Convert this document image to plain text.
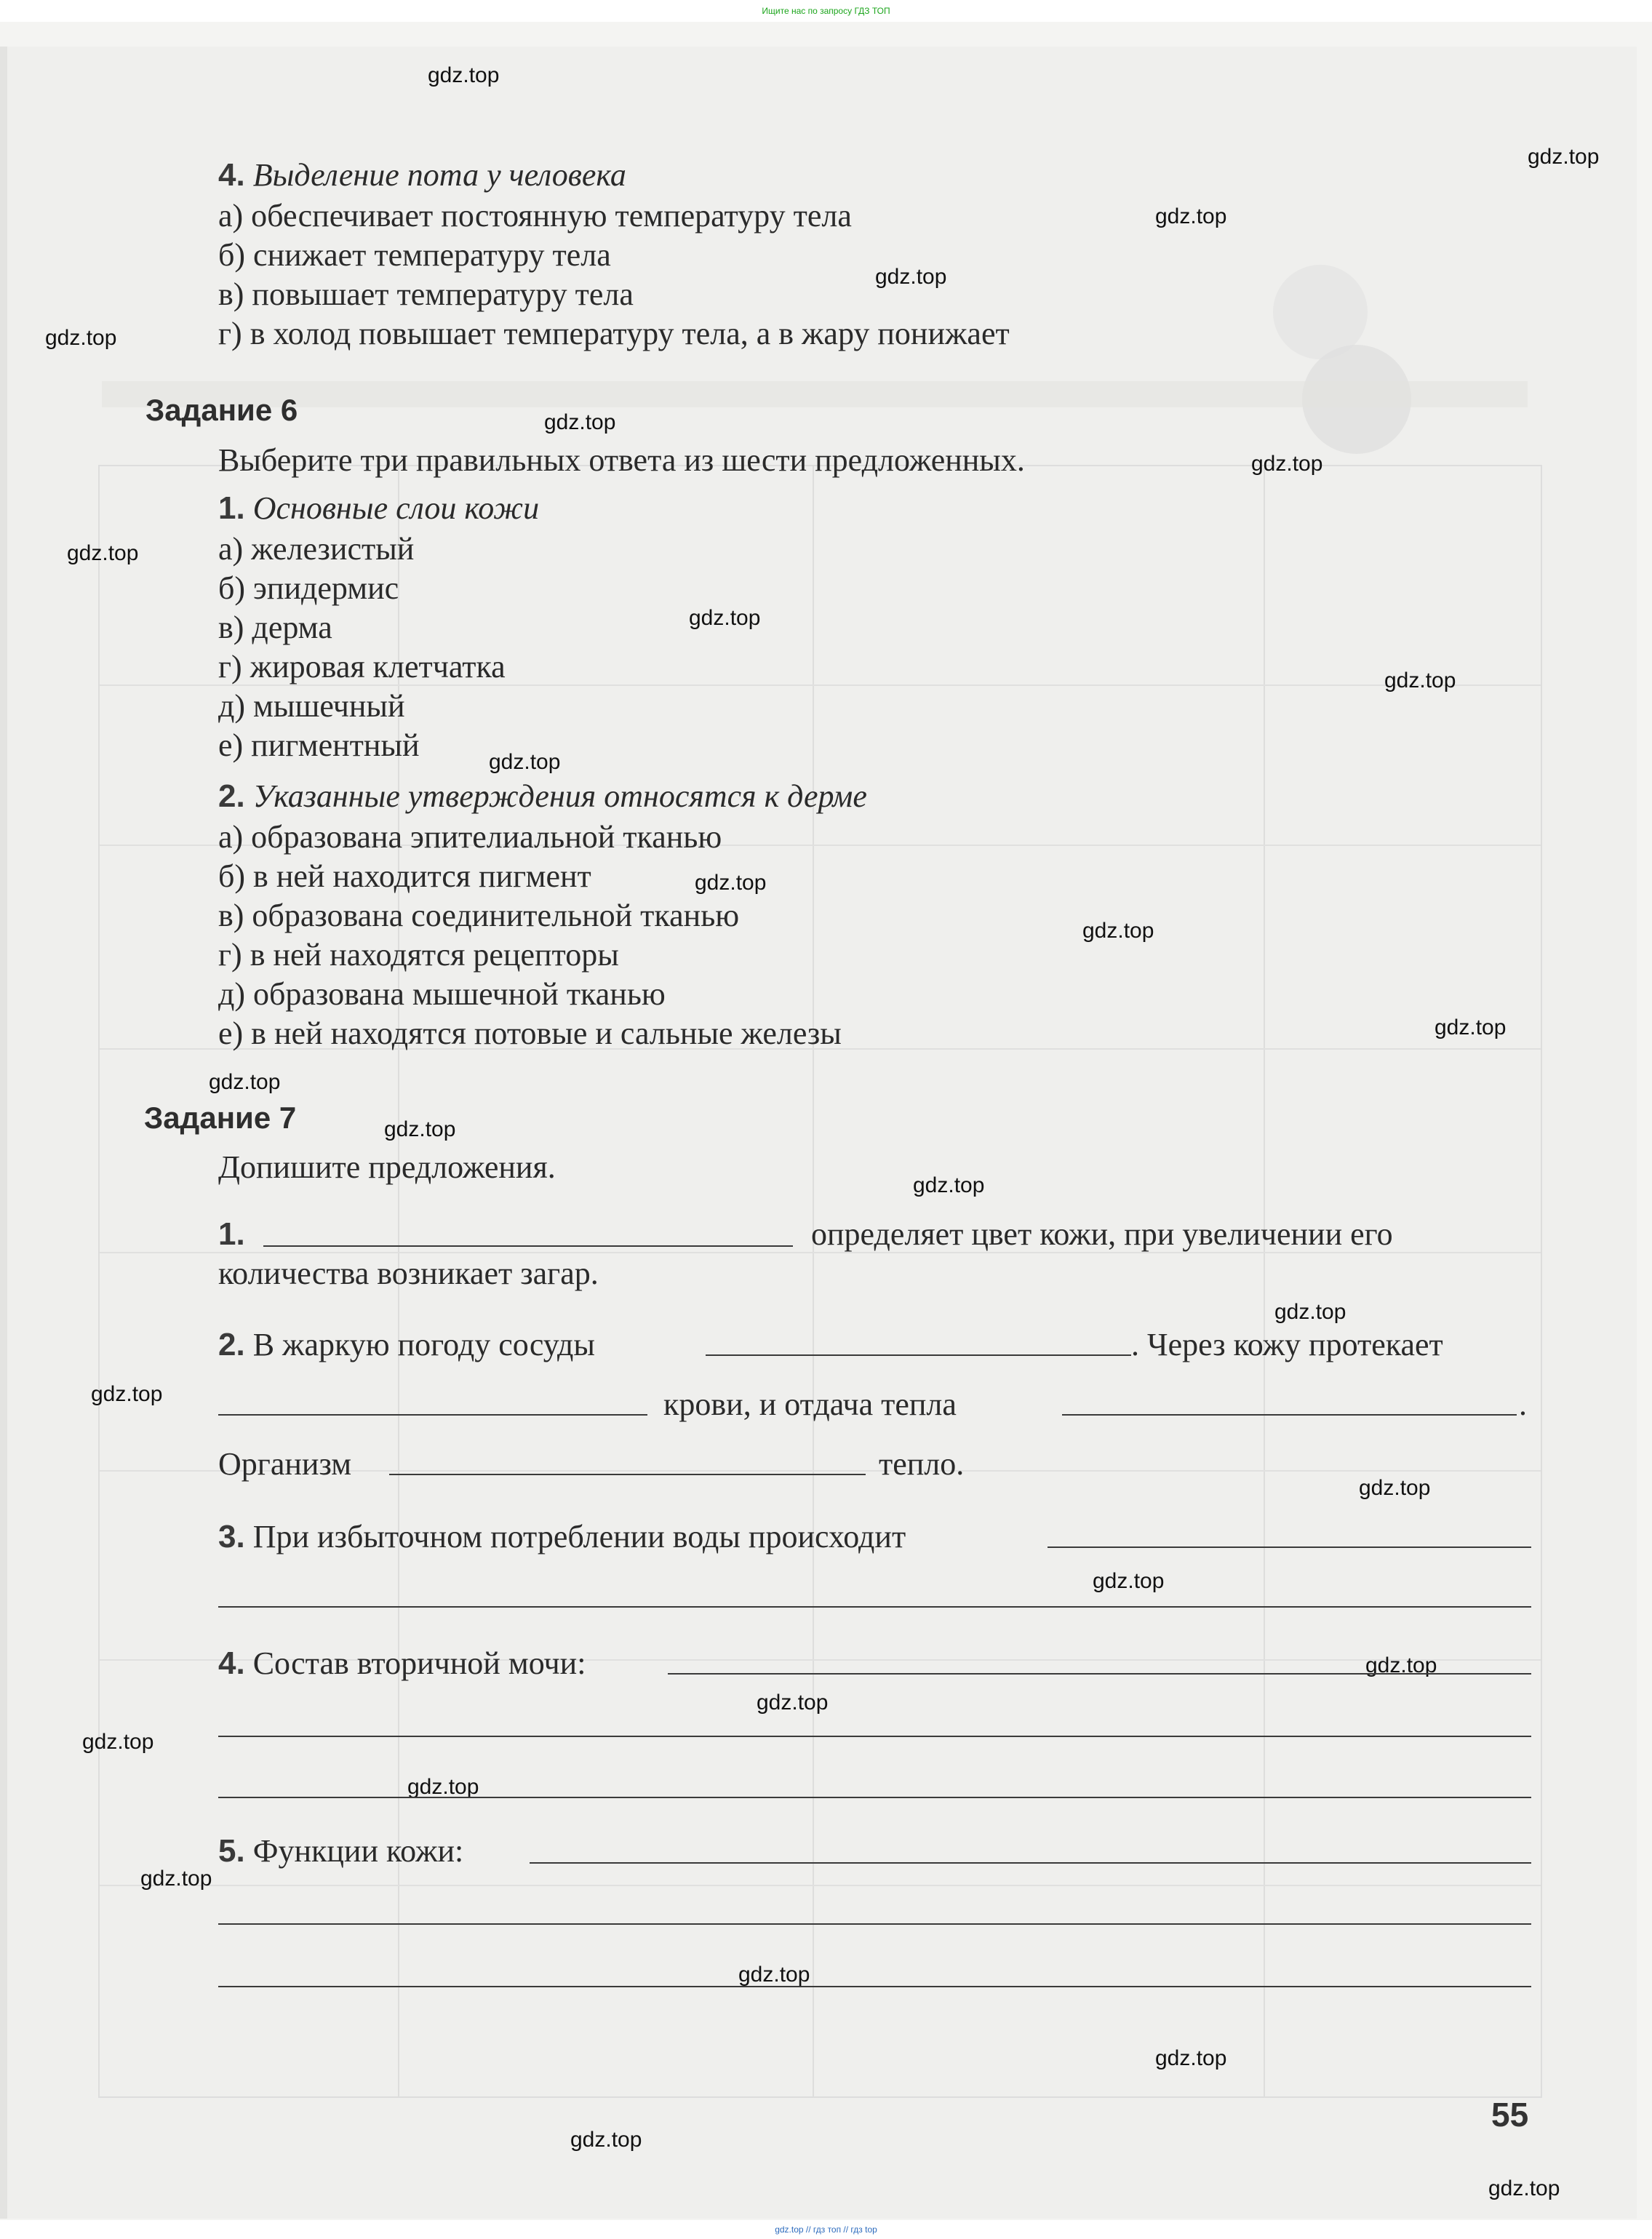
Ищите нас по запросу ГДЗ ТОП
gdz.top
gdz.top
gdz.top
gdz.top
gdz.top
gdz.top
gdz.top
gdz.top
gdz.top
gdz.top
gdz.top
gdz.top
gdz.top
gdz.top
gdz.top
gdz.top
gdz.top
gdz.top
gdz.top
gdz.top
gdz.top
gdz.top
gdz.top
gdz.top
gdz.top
gdz.top
gdz.top
gdz.top
gdz.top
gdz.top
4. Выделение пота у человека
а) обеспечивает постоянную температуру тела
б) снижает температуру тела
в) повышает температуру тела
г) в холод повышает температуру тела, а в жару понижает
Задание 6
Выберите три правильных ответа из шести предложенных.
1. Основные слои кожи
а) железистый
б) эпидермис
в) дерма
г) жировая клетчатка
д) мышечный
е) пигментный
2. Указанные утверждения относятся к дерме
а) образована эпителиальной тканью
б) в ней находится пигмент
в) образована соединительной тканью
г) в ней находятся рецепторы
д) образована мышечной тканью
е) в ней находятся потовые и сальные железы
Задание 7
Допишите предложения.
1.	определяет цвет кожи, при увеличении его
количества возникает загар.
2. В жаркую погоду сосуды	. Через кожу протекает
крови, и отдача тепла	.
Организм	тепло.
3. При избыточном потреблении воды происходит
4. Состав вторичной мочи:
5. Функции кожи:
55
gdz.top // гдз топ // гдз top
